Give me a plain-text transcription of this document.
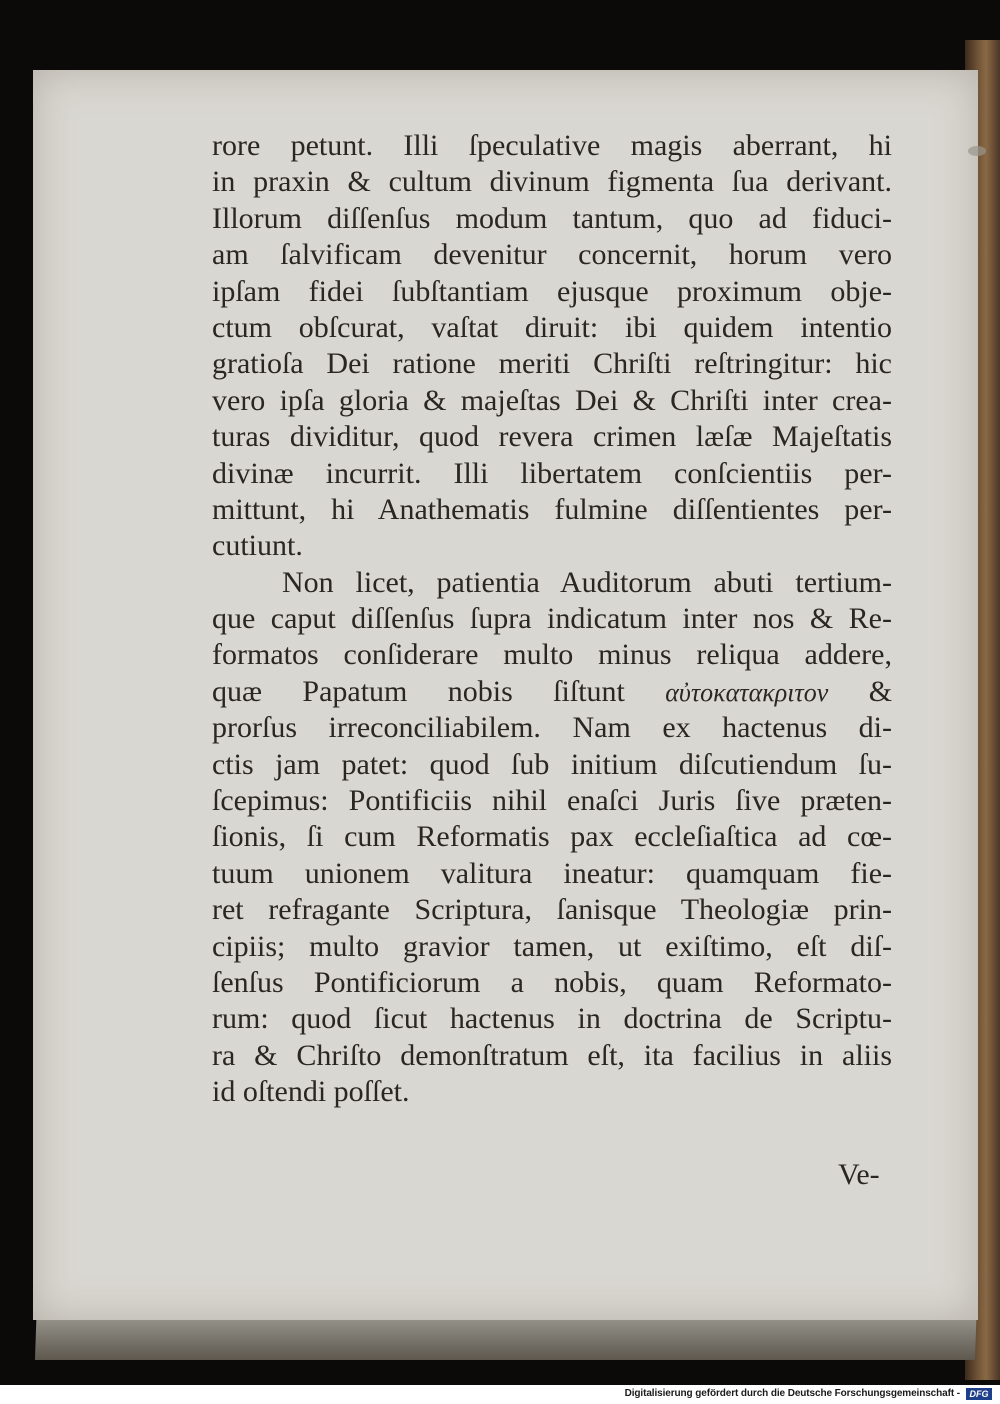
rore petunt. Illi ſpeculative magis aberrant, hi
in praxin & cultum divinum figmenta ſua derivant.
Illorum diſſenſus modum tantum, quo ad fiduci-
am ſalvificam devenitur concernit, horum vero
ipſam fidei ſubſtantiam ejusque proximum obje-
ctum obſcurat, vaſtat diruit: ibi quidem intentio
gratioſa Dei ratione meriti Chriſti reſtringitur: hic
vero ipſa gloria & majeſtas Dei & Chriſti inter crea-
turas dividitur, quod revera crimen læſæ Majeſtatis
divinæ incurrit. Illi libertatem conſcientiis per-
mittunt, hi Anathematis fulmine diſſentientes per-
cutiunt.
Non licet, patientia Auditorum abuti tertium-
que caput diſſenſus ſupra indicatum inter nos & Re-
formatos conſiderare multo minus reliqua addere,
quæ Papatum nobis ſiſtunt αὐτοκατακριτον &
prorſus irreconciliabilem. Nam ex hactenus di-
ctis jam patet: quod ſub initium diſcutiendum ſu-
ſcepimus: Pontificiis nihil enaſci Juris ſive præten-
ſionis, ſi cum Reformatis pax eccleſiaſtica ad cœ-
tuum unionem valitura ineatur: quamquam fie-
ret refragante Scriptura, ſanisque Theologiæ prin-
cipiis; multo gravior tamen, ut exiſtimo, eſt diſ-
ſenſus Pontificiorum a nobis, quam Reformato-
rum: quod ſicut hactenus in doctrina de Scriptu-
ra & Chriſto demonſtratum eſt, ita facilius in aliis
id oſtendi poſſet.
Ve-
Digitalisierung gefördert durch die Deutsche Forschungsgemeinschaft -	DFG
